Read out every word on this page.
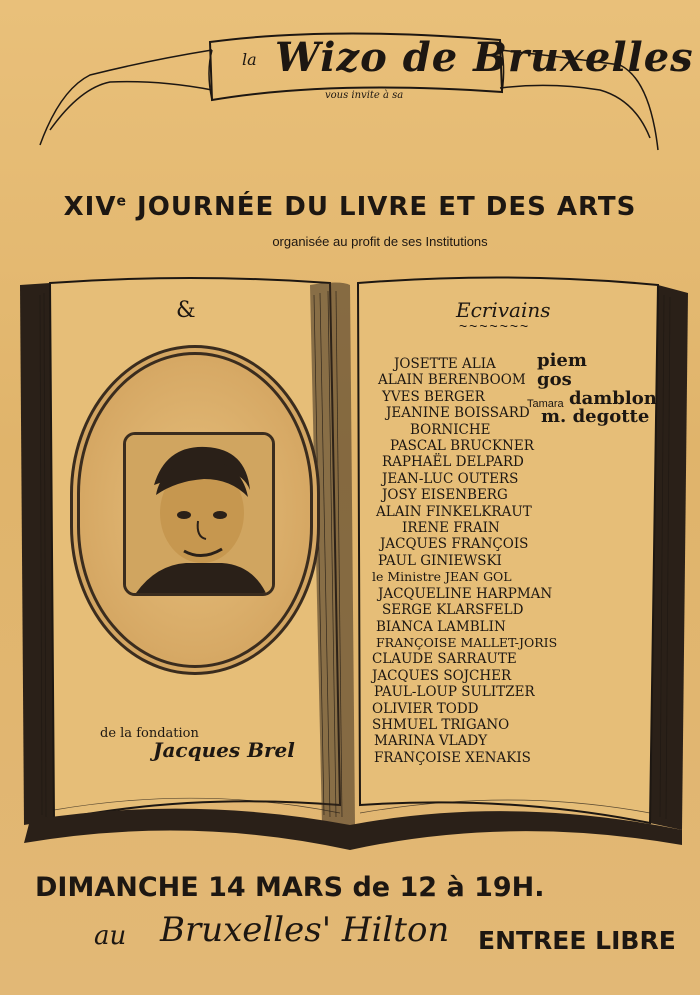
la Wizo de Bruxelles
vous invite à sa
XIVe JOURNÉE DU LIVRE ET DES ARTS
organisée au profit de ses Institutions
&
de la fondation
Jacques Brel
Ecrivains
~~~~~~~
JOSETTE ALIA
ALAIN BERENBOOM
YVES BERGER
JEANINE BOISSARD
BORNICHE
PASCAL BRUCKNER
RAPHAËL DELPARD
JEAN-LUC OUTERS
JOSY EISENBERG
ALAIN FINKELKRAUT
IRENE FRAIN
JACQUES FRANÇOIS
PAUL GINIEWSKI
le Ministre JEAN GOL
JACQUELINE HARPMAN
SERGE KLARSFELD
BIANCA LAMBLIN
FRANÇOISE MALLET-JORIS
CLAUDE SARRAUTE
JACQUES SOJCHER
PAUL-LOUP SULITZER
OLIVIER TODD
SHMUEL TRIGANO
MARINA VLADY
FRANÇOISE XENAKIS
piem
gos
Tamara damblon
m. degotte
DIMANCHE 14 MARS de 12 à 19H.
au Bruxelles' Hilton ENTREE LIBRE
